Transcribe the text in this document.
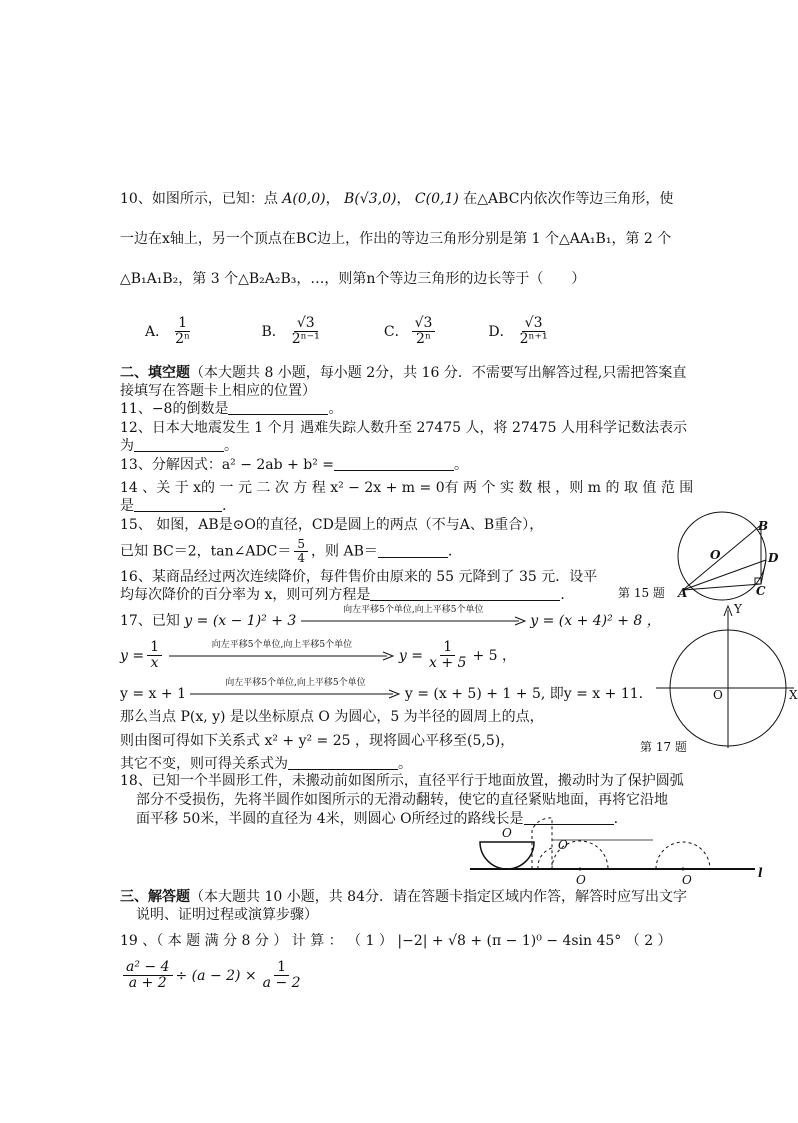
10、如图所示，已知：点 A(0,0)， B(√3,0)， C(0,1) 在△ABC内依次作等边三角形，使
一边在x轴上，另一个顶点在BC边上，作出的等边三角形分别是第 1 个△AA₁B₁，第 2 个
△B₁A₁B₂，第 3 个△B₂A₂B₃，…，则第n个等边三角形的边长等于（　　）
A． $\frac{1}{\text{2ⁿ}}$	B． $\frac{√3}{\text{2ⁿ⁻¹}}$	C． $\frac{√3}{\text{2ⁿ}}$	D． $\frac{√3}{\text{2ⁿ⁺¹}}$
二、填空题（本大题共 8 小题，每小题 2分，共 16 分．不需要写出解答过程,只需把答案直
接填写在答题卡上相应的位置）
11、−8的倒数是	。
12、日本大地震发生 1 个月 遇难失踪人数升至 27475 人，将 27475 人用科学记数法表示
为	。
13、分解因式：a² − 2ab + b² =	。
14 、关 于 x的 一 元 二 次 方 程 x² − 2x + m = 0有 两 个 实 数 根 ，则 m 的 取 值 范 围
是	.
15、 如图，AB是⊙O的直径，CD是圆上的两点（不与A、B重合），
已知 BC＝2，tan∠ADC＝ $\frac{5}{4}$ ，则 AB＝	.
16、某商品经过两次连续降价，每件售价由原来的 55 元降到了 35 元．设平
均每次降价的百分率为 x，则可列方程是	.
17、已知 y = (x − 1)² + 3
向左平移5个单位,向上平移5个单位
y = (x + 4)² + 8 ，
$y = \frac{1}{x}$
	向左平移5个单位,向上平移5个单位
$y = \frac{1}{x + 5} + 5$ ，
y = x + 1
向左平移5个单位,向上平移5个单位
y = (x + 5) + 1 + 5, 即y = x + 11.
那么当点 P(x, y) 是以坐标原点 O 为圆心，5 为半径的圆周上的点，
则由图可得如下关系式 x² + y² = 25 ，现将圆心平移至(5,5)，
其它不变，则可得关系式为	。
18、已知一个半圆形工件，未搬动前如图所示，直径平行于地面放置，搬动时为了保护圆弧
部分不受损伤，先将半圆作如图所示的无滑动翻转，使它的直径紧贴地面，再将它沿地
面平移 50米，半圆的直径为 4米，则圆心 O所经过的路线长是	.
三、解答题（本大题共 10 小题，共 84分．请在答题卡指定区域内作答，解答时应写出文字
说明、证明过程或演算步骤）
19 、（ 本 题 满 分 8 分 ） 计 算 ： （ 1 ） |−2| + √8 + (π − 1)⁰ − 4sin 45° （ 2 ）
$\frac{\text{a² − 4}}{a + 2} \div (a - 2) \times \frac{1}{a - 2}$
B
O	D
A	C
第 15 题
Y
O	X
第 17 题
O
O
O	O	l
